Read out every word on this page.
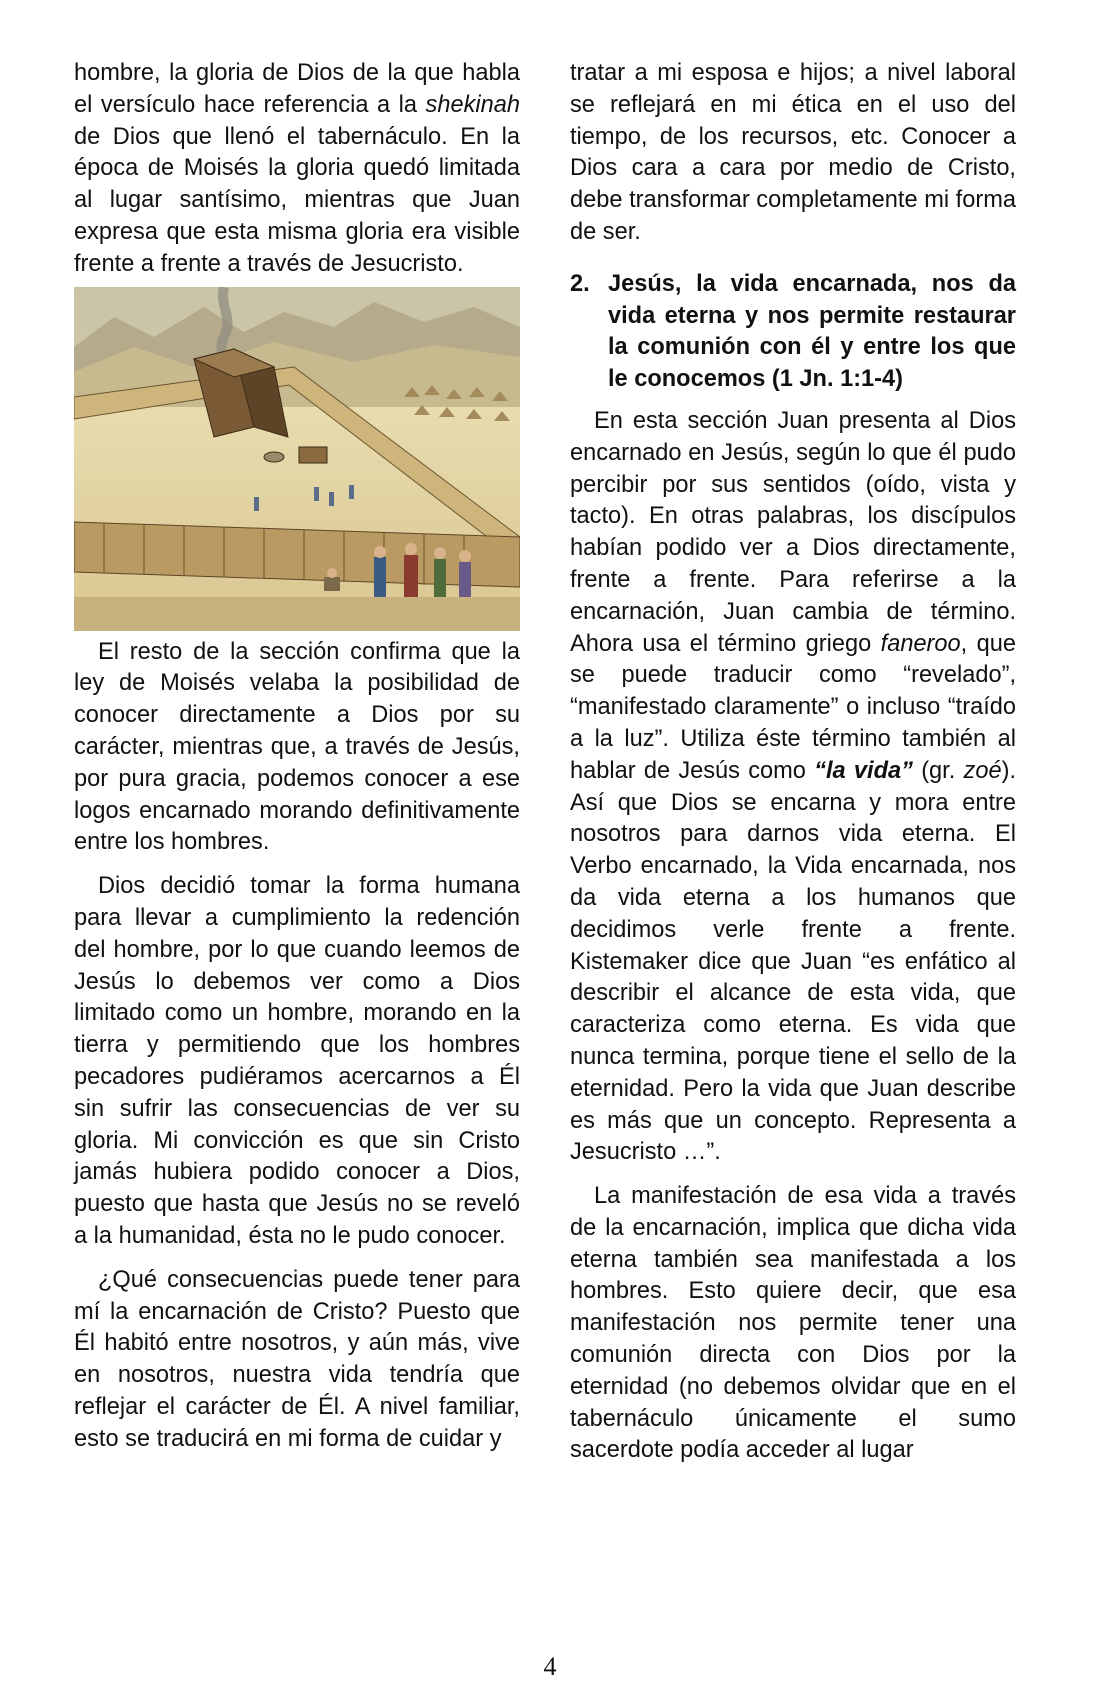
hombre, la gloria de Dios de la que habla el versículo hace referencia a la shekinah de Dios que llenó el tabernáculo. En la época de Moisés la gloria quedó limitada al lugar santísimo, mientras que Juan expresa que esta misma gloria era visible frente a frente a través de Jesucristo.

El resto de la sección confirma que la ley de Moisés velaba la posibilidad de conocer directamente a Dios por su carácter, mientras que, a través de Jesús, por pura gracia, podemos conocer a ese logos encarnado morando definitivamente entre los hombres.

Dios decidió tomar la forma humana para llevar a cumplimiento la redención del hombre, por lo que cuando leemos de Jesús lo debemos ver como a Dios limitado como un hombre, morando en la tierra y permitiendo que los hombres pecadores pudiéramos acercarnos a Él sin sufrir las consecuencias de ver su gloria. Mi convicción es que sin Cristo jamás hubiera podido conocer a Dios, puesto que hasta que Jesús no se reveló a la humanidad, ésta no le pudo conocer.

¿Qué consecuencias puede tener para mí la encarnación de Cristo? Puesto que Él habitó entre nosotros, y aún más, vive en nosotros, nuestra vida tendría que reflejar el carácter de Él. A nivel familiar, esto se traducirá en mi forma de cuidar y

tratar a mi esposa e hijos; a nivel laboral se reflejará en mi ética en el uso del tiempo, de los recursos, etc. Conocer a Dios cara a cara por medio de Cristo, debe transformar completamente mi forma de ser.

2. Jesús, la vida encarnada, nos da vida eterna y nos permite restaurar la comunión con él y entre los que le conocemos (1 Jn. 1:1-4)

En esta sección Juan presenta al Dios encarnado en Jesús, según lo que él pudo percibir por sus sentidos (oído, vista y tacto). En otras palabras, los discípulos habían podido ver a Dios directamente, frente a frente. Para referirse a la encarnación, Juan cambia de término. Ahora usa el término griego faneroo, que se puede traducir como “revelado”, “manifestado claramente” o incluso “traído a la luz”. Utiliza éste término también al hablar de Jesús como “la vida” (gr. zoé). Así que Dios se encarna y mora entre nosotros para darnos vida eterna. El Verbo encarnado, la Vida encarnada, nos da vida eterna a los humanos que decidimos verle frente a frente. Kistemaker dice que Juan “es enfático al describir el alcance de esta vida, que caracteriza como eterna. Es vida que nunca termina, porque tiene el sello de la eternidad. Pero la vida que Juan describe es más que un concepto. Representa a Jesucristo …”.

La manifestación de esa vida a través de la encarnación, implica que dicha vida eterna también sea manifestada a los hombres. Esto quiere decir, que esa manifestación nos permite tener una comunión directa con Dios por la eternidad (no debemos olvidar que en el tabernáculo únicamente el sumo sacerdote podía acceder al lugar

4
